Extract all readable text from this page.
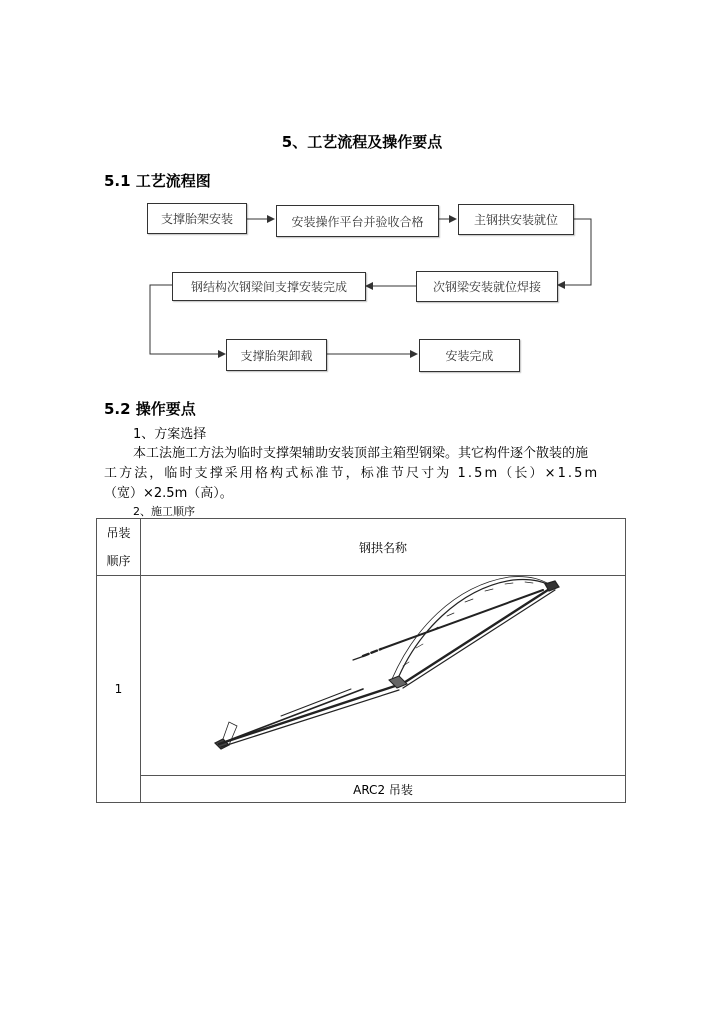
5、工艺流程及操作要点
5.1 工艺流程图
支撑胎架安装	安装操作平台并验收合格	主钢拱安装就位
次钢梁安装就位焊接
钢结构次钢梁间支撑安装完成
支撑胎架卸载	安装完成
5.2 操作要点
1、方案选择
本工法施工方法为临时支撑架辅助安装顶部主箱型钢梁。其它构件逐个散装的施
工方法，临时支撑采用格构式标准节，标准节尺寸为 1.5m（长）×1.5m
（宽）×2.5m（高）。
2、施工顺序
吊装
顺序	钢拱名称
1	
	ARC2 吊装
